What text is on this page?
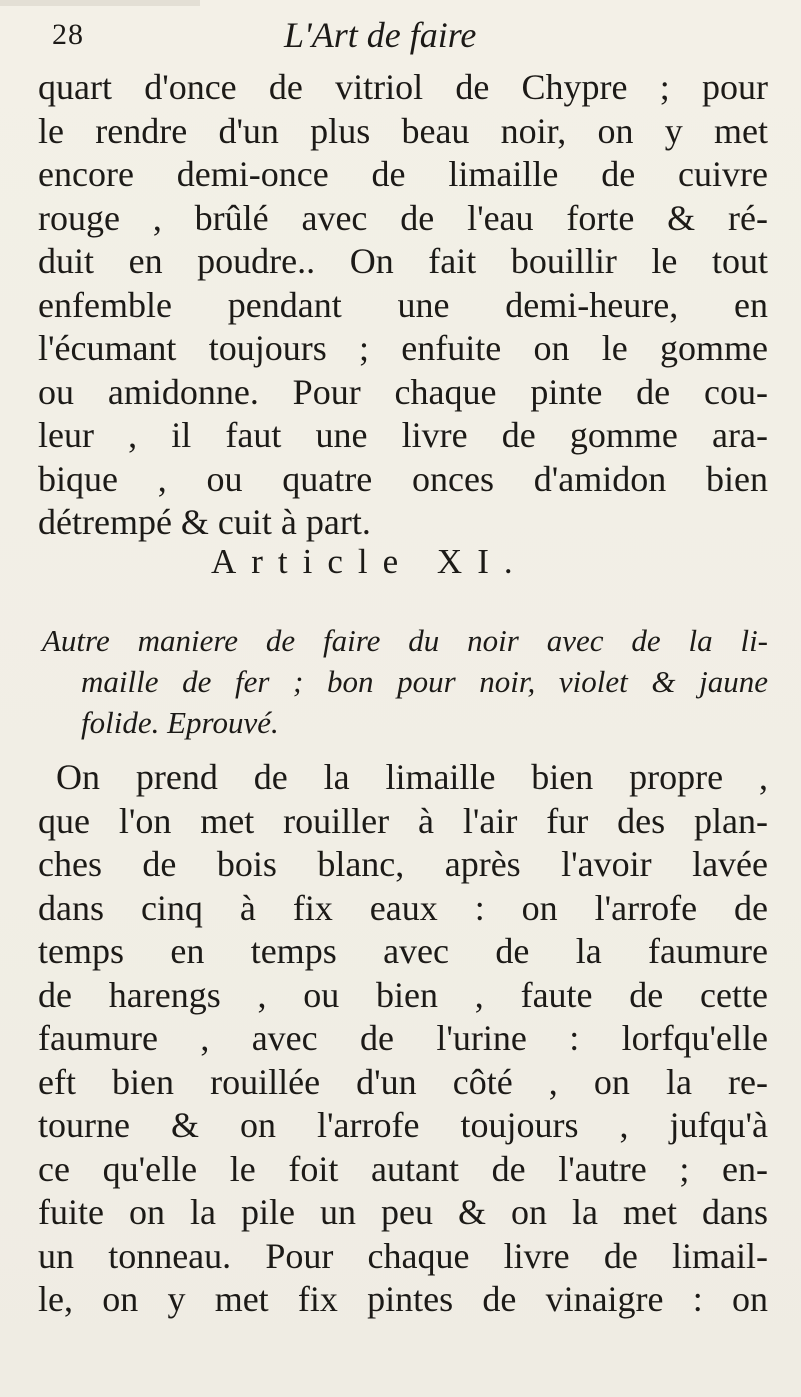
28	L'Art de faire
quart d'once de vitriol de Chypre ; pour
le rendre d'un plus beau noir, on y met
encore demi-once de limaille de cuivre
rouge , brûlé avec de l'eau forte & ré-
duit en poudre.. On fait bouillir le tout
enfemble pendant une demi-heure, en
l'écumant toujours ; enfuite on le gomme
ou amidonne. Pour chaque pinte de cou-
leur , il faut une livre de gomme ara-
bique , ou quatre onces d'amidon bien
détrempé & cuit à part.
Article XI.
Autre maniere de faire du noir avec de la li-
maille de fer ; bon pour noir, violet & jaune
folide. Eprouvé.
On prend de la limaille bien propre ,
que l'on met rouiller à l'air fur des plan-
ches de bois blanc, après l'avoir lavée
dans cinq à fix eaux : on l'arrofe de
temps en temps avec de la faumure
de harengs , ou bien , faute de cette
faumure , avec de l'urine : lorfqu'elle
eft bien rouillée d'un côté , on la re-
tourne & on l'arrofe toujours , jufqu'à
ce qu'elle le foit autant de l'autre ; en-
fuite on la pile un peu & on la met dans
un tonneau. Pour chaque livre de limail-
le, on y met fix pintes de vinaigre : on
